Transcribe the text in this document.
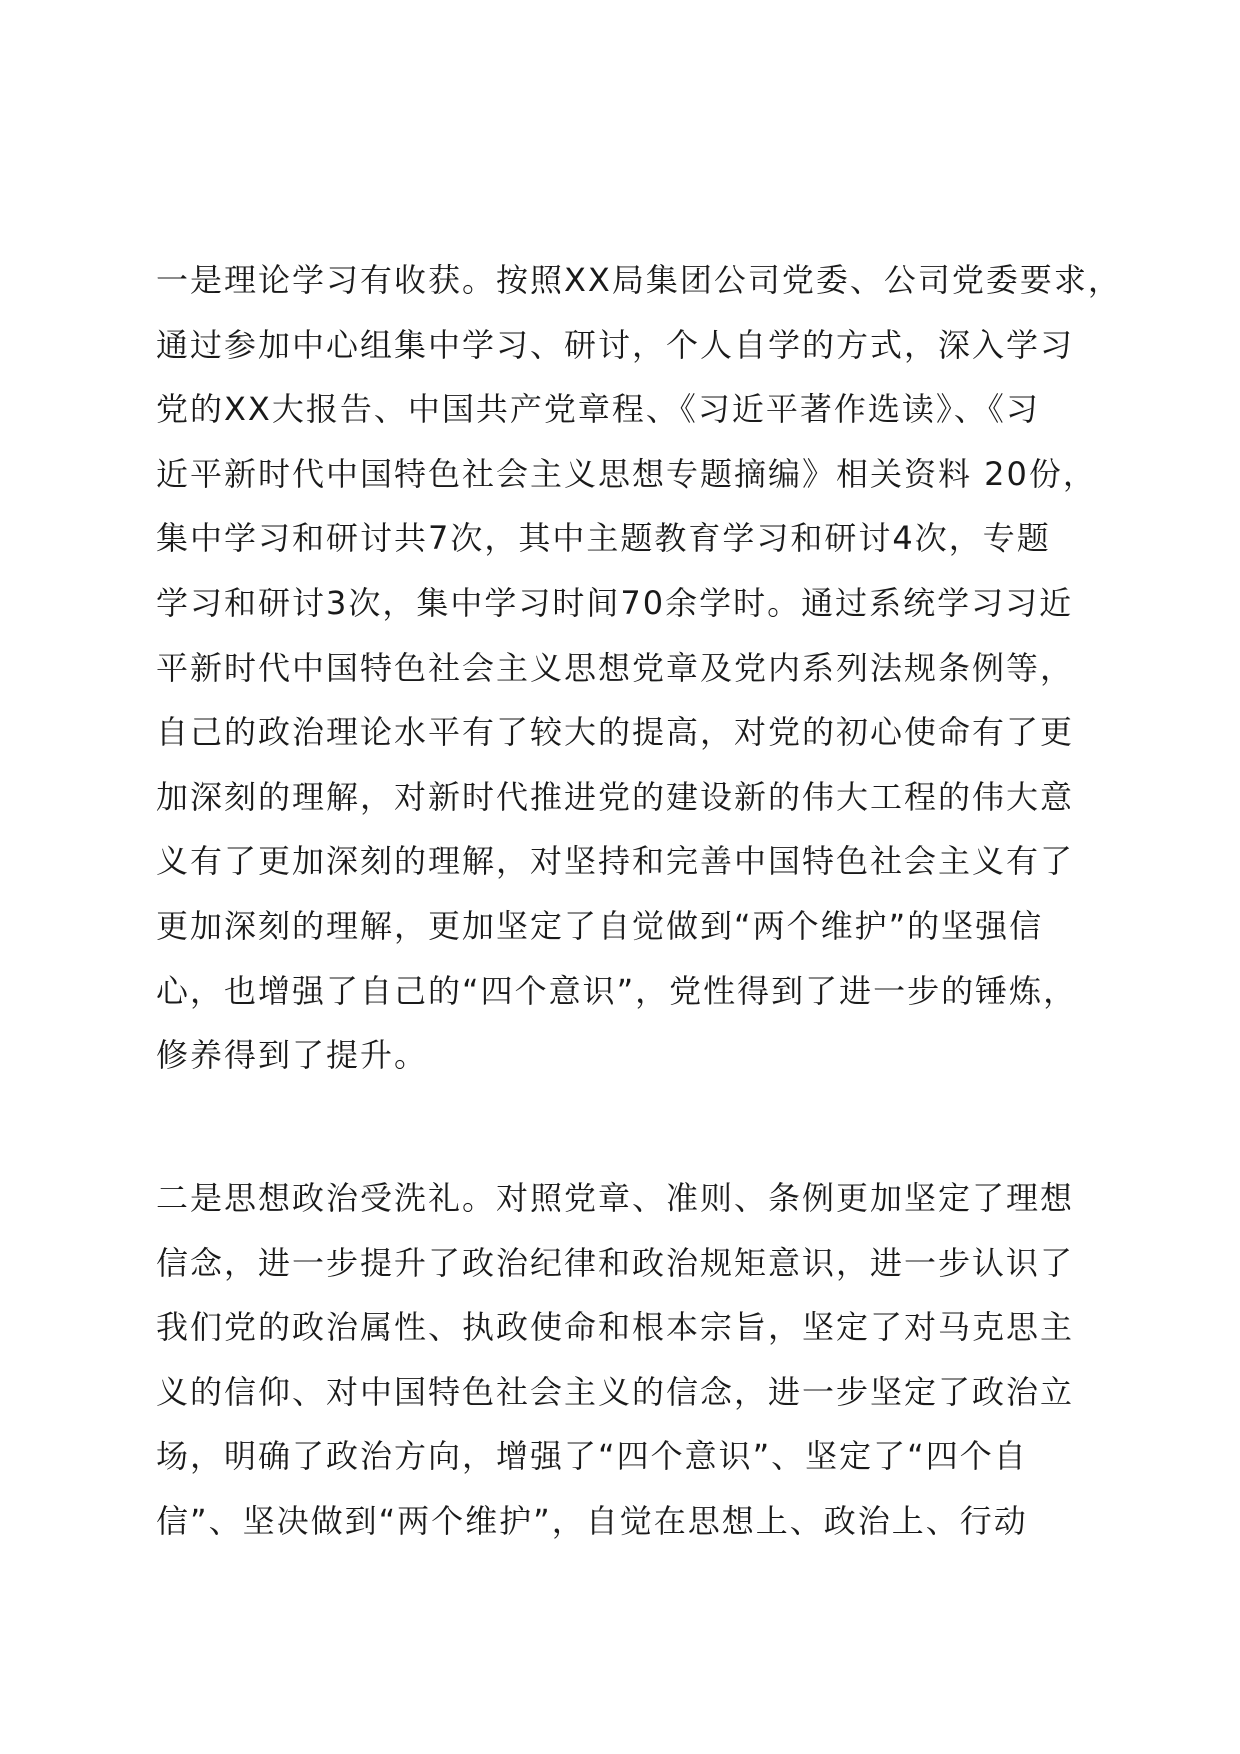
一是理论学习有收获。按照XX局集团公司党委、公司党委要求，
通过参加中心组集中学习、研讨，个人自学的方式，深入学习
党的XX大报告、中国共产党章程、《习近平著作选读》、《习
近平新时代中国特色社会主义思想专题摘编》相关资料 20份，
集中学习和研讨共7次，其中主题教育学习和研讨4次，专题
学习和研讨3次，集中学习时间70余学时。通过系统学习习近
平新时代中国特色社会主义思想党章及党内系列法规条例等，
自己的政治理论水平有了较大的提高，对党的初心使命有了更
加深刻的理解，对新时代推进党的建设新的伟大工程的伟大意
义有了更加深刻的理解，对坚持和完善中国特色社会主义有了
更加深刻的理解，更加坚定了自觉做到“两个维护”的坚强信
心，也增强了自己的“四个意识”，党性得到了进一步的锤炼，
修养得到了提升。
二是思想政治受洗礼。对照党章、准则、条例更加坚定了理想
信念，进一步提升了政治纪律和政治规矩意识，进一步认识了
我们党的政治属性、执政使命和根本宗旨，坚定了对马克思主
义的信仰、对中国特色社会主义的信念，进一步坚定了政治立
场，明确了政治方向，增强了“四个意识”、坚定了“四个自
信”、坚决做到“两个维护”，自觉在思想上、政治上、行动
